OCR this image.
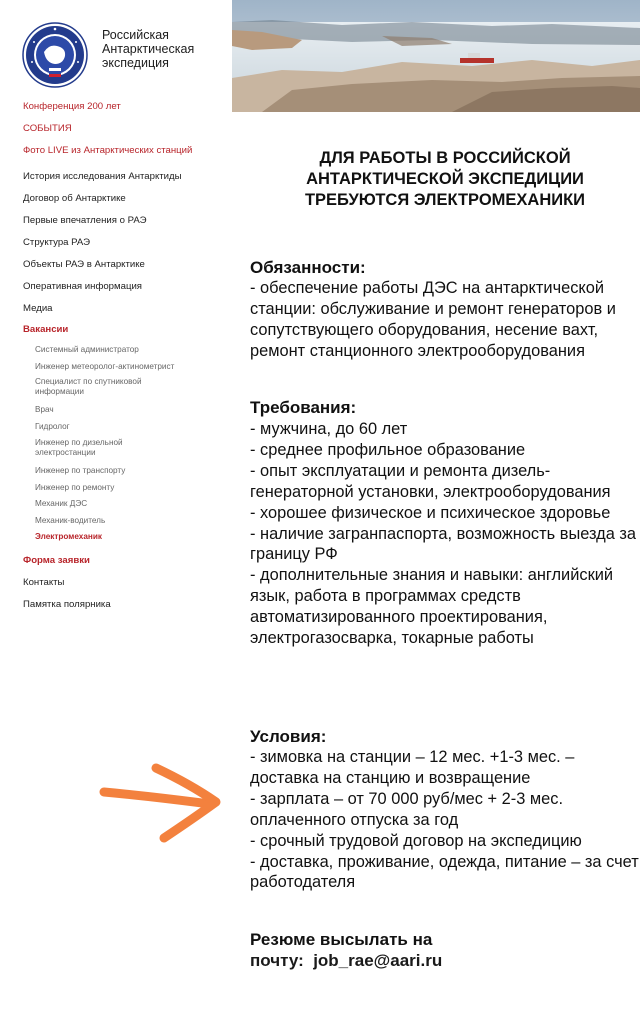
Российская
Антарктическая
экспедиция
Конференция 200 лет
СОБЫТИЯ
Фото LIVE из Антарктических станций
История исследования Антарктиды
Договор об Антарктике
Первые впечатления о РАЭ
Структура РАЭ
Объекты РАЭ в Антарктике
Оперативная информация
Медиа
Вакансии
Системный администратор
Инженер метеоролог-актинометрист
Специалист по спутниковой информации
Врач
Гидролог
Инженер по дизельной электростанции
Инженер по транспорту
Инженер по ремонту
Механик ДЭС
Механик-водитель
Электромеханик
Форма заявки
Контакты
Памятка полярника
ДЛЯ РАБОТЫ В РОССИЙСКОЙ
АНТАРКТИЧЕСКОЙ ЭКСПЕДИЦИИ
ТРЕБУЮТСЯ ЭЛЕКТРОМЕХАНИКИ
Обязанности:
- обеспечение работы ДЭС на антарктической станции: обслуживание и ремонт генераторов и сопутствующего оборудования, несение вахт, ремонт станционного электрооборудования
Требования:
- мужчина, до 60 лет
- среднее профильное образование
- опыт эксплуатации и ремонта дизель-генераторной установки, электрооборудования
- хорошее физическое и психическое здоровье
- наличие загранпаспорта, возможность выезда за границу РФ
- дополнительные знания и навыки: английский язык, работа в программах средств автоматизированного проектирования, электрогазосварка, токарные работы
Условия:
- зимовка на станции – 12 мес. +1-3 мес. – доставка на станцию и возвращение
- зарплата – от 70 000 руб/мес + 2-3 мес. оплаченного отпуска за год
- срочный трудовой договор на экспедицию
- доставка, проживание, одежда, питание – за счет работодателя
Резюме высылать на
почту:  job_rae@aari.ru
